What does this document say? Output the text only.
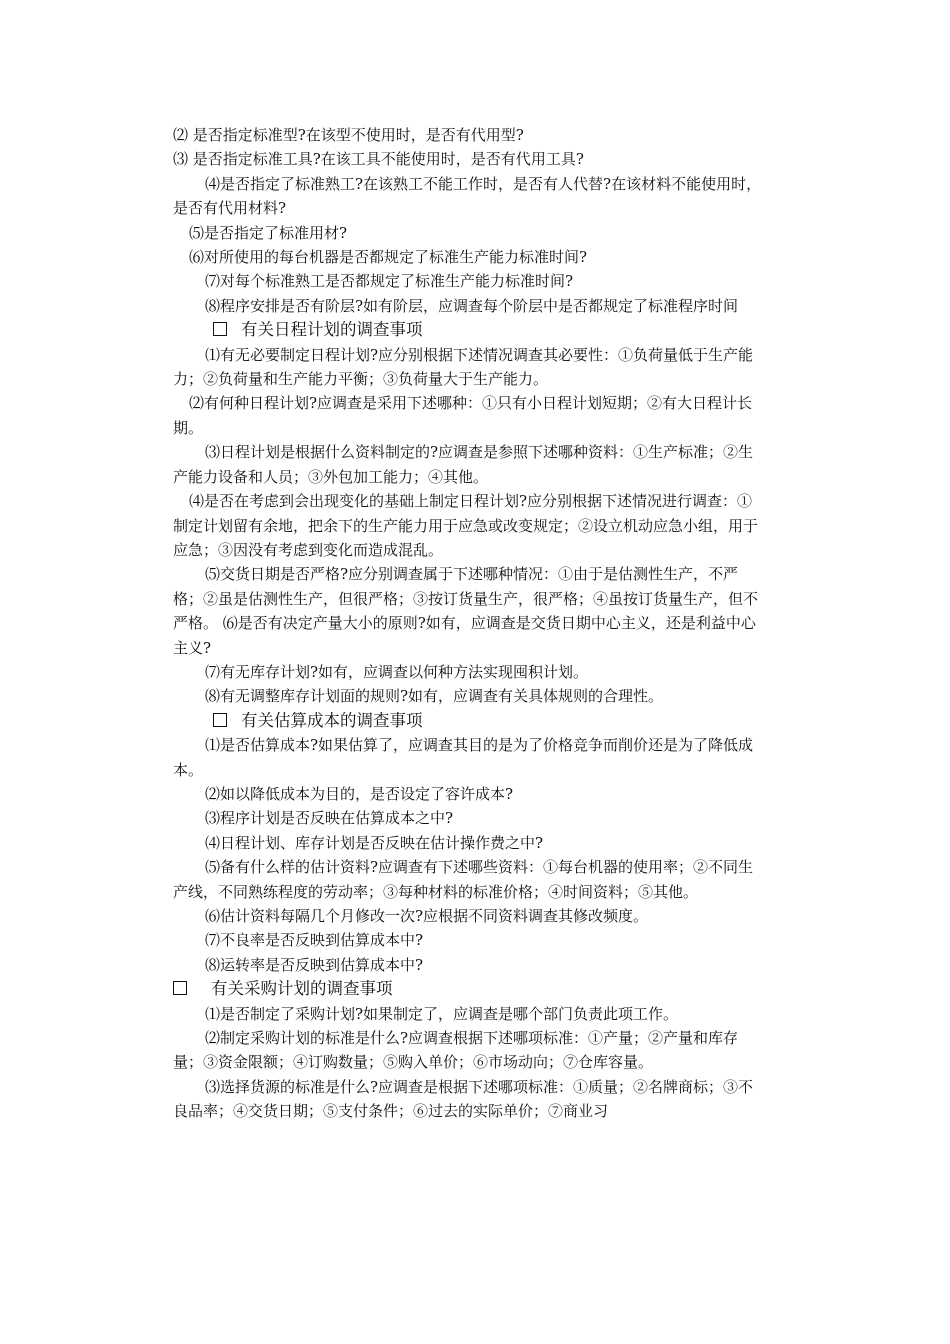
⑵ 是否指定标准型?在该型不使用时，是否有代用型?

⑶ 是否指定标准工具?在该工具不能使用时，是否有代用工具?

⑷是否指定了标准熟工?在该熟工不能工作时，是否有人代替?在该材料不能使用时，是否有代用材料?

⑸是否指定了标准用材?

⑹对所使用的每台机器是否都规定了标准生产能力标准时间?

⑺对每个标准熟工是否都规定了标准生产能力标准时间?

⑻程序安排是否有阶层?如有阶层，应调查每个阶层中是否都规定了标准程序时间

有关日程计划的调查事项

⑴有无必要制定日程计划?应分别根据下述情况调查其必要性：①负荷量低于生产能力；②负荷量和生产能力平衡；③负荷量大于生产能力。

⑵有何种日程计划?应调查是采用下述哪种：①只有小日程计划短期；②有大日程计长期。

⑶日程计划是根据什么资料制定的?应调查是参照下述哪种资料：①生产标准；②生产能力设备和人员；③外包加工能力；④其他。

⑷是否在考虑到会出现变化的基础上制定日程计划?应分别根据下述情况进行调查：①制定计划留有余地，把余下的生产能力用于应急或改变规定；②设立机动应急小组，用于应急；③因没有考虑到变化而造成混乱。

⑸交货日期是否严格?应分别调查属于下述哪种情况：①由于是估测性生产，不严格；②虽是估测性生产，但很严格；③按订货量生产，很严格；④虽按订货量生产，但不严格。 ⑹是否有决定产量大小的原则?如有，应调查是交货日期中心主义，还是利益中心主义?

⑺有无库存计划?如有，应调查以何种方法实现囤积计划。

⑻有无调整库存计划面的规则?如有，应调查有关具体规则的合理性。

有关估算成本的调查事项

⑴是否估算成本?如果估算了，应调查其目的是为了价格竞争而削价还是为了降低成本。

⑵如以降低成本为目的，是否设定了容许成本?

⑶程序计划是否反映在估算成本之中?

⑷日程计划、库存计划是否反映在估计操作费之中?

⑸备有什么样的估计资料?应调查有下述哪些资料：①每台机器的使用率；②不同生产线，不同熟练程度的劳动率；③每种材料的标准价格；④时间资料；⑤其他。

⑹估计资料每隔几个月修改一次?应根据不同资料调查其修改频度。

⑺不良率是否反映到估算成本中?

⑻运转率是否反映到估算成本中?

有关采购计划的调查事项

⑴是否制定了采购计划?如果制定了，应调查是哪个部门负责此项工作。

⑵制定采购计划的标准是什么?应调查根据下述哪项标准：①产量；②产量和库存量；③资金限额；④订购数量；⑤购入单价；⑥市场动向；⑦仓库容量。

⑶选择货源的标准是什么?应调查是根据下述哪项标准：①质量；②名牌商标；③不良品率；④交货日期；⑤支付条件；⑥过去的实际单价；⑦商业习
